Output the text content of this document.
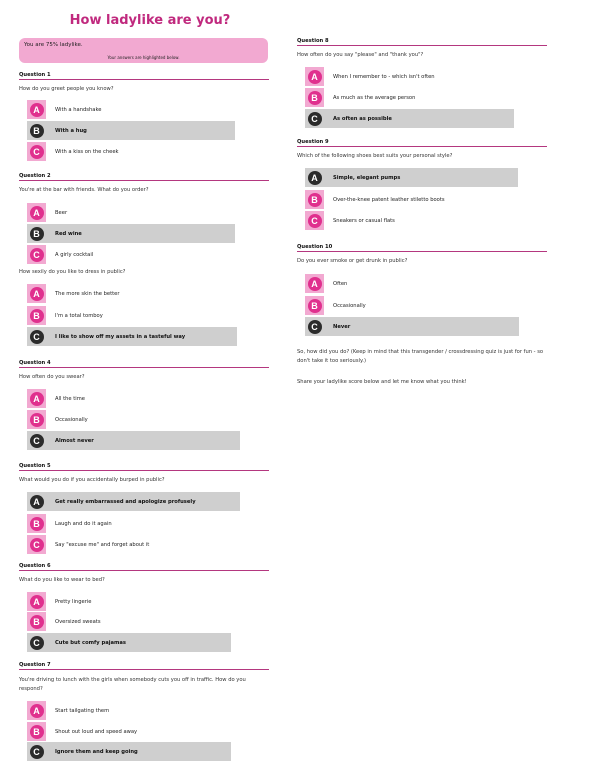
How ladylike are you?
You are 75% ladylike.
Your answers are highlighted below.
Question 1
How do you greet people you know?
A	With a handshake
B	With a hug
C	With a kiss on the cheek
Question 2
You're at the bar with friends. What do you order?
A	Beer
B	Red wine
C	A girly cocktail
How sexily do you like to dress in public?
A	The more skin the better
B	I'm a total tomboy
C	I like to show off my assets in a tasteful way
Question 4
How often do you swear?
A	All the time
B	Occasionally
C	Almost never
Question 5
What would you do if you accidentally burped in public?
A	Get really embarrassed and apologize profusely
B	Laugh and do it again
C	Say "excuse me" and forget about it
Question 6
What do you like to wear to bed?
A	Pretty lingerie
B	Oversized sweats
C	Cute but comfy pajamas
Question 7
You're driving to lunch with the girls when somebody cuts you off in traffic. How do you respond?
A	Start tailgating them
B	Shout out loud and speed away
C	Ignore them and keep going
Question 8
How often do you say "please" and "thank you"?
A	When I remember to - which isn't often
B	As much as the average person
C	As often as possible
Question 9
Which of the following shoes best suits your personal style?
A	Simple, elegant pumps
B	Over-the-knee patent leather stiletto boots
C	Sneakers or casual flats
Question 10
Do you ever smoke or get drunk in public?
A	Often
B	Occasionally
C	Never
So, how did you do? (Keep in mind that this transgender / crossdressing quiz is just for fun - so don't take it too seriously.)
Share your ladylike score below and let me know what you think!
